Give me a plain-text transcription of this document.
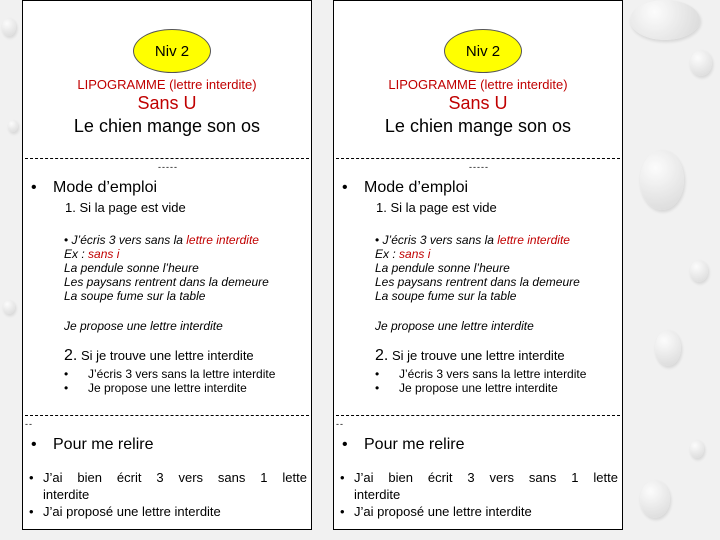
Niv 2
LIPOGRAMME (lettre interdite)
Sans U
Le chien mange son os
-----
• Mode d’emploi
1. Si la page est vide
• J’écris 3 vers sans la lettre interdite
Ex : sans i
La pendule sonne l’heure
Les paysans rentrent dans la demeure
La soupe fume sur la table
Je propose une lettre interdite
2. Si je trouve une lettre interdite
• J’écris 3 vers sans la lettre interdite
• Je propose une lettre interdite
--
• Pour me relire
• J’ai bien écrit 3 vers sans 1 lette
interdite
• J’ai proposé une lettre interdite
Niv 2
LIPOGRAMME (lettre interdite)
Sans U
Le chien mange son os
-----
• Mode d’emploi
1. Si la page est vide
• J’écris 3 vers sans la lettre interdite
Ex : sans i
La pendule sonne l’heure
Les paysans rentrent dans la demeure
La soupe fume sur la table
Je propose une lettre interdite
2. Si je trouve une lettre interdite
• J’écris 3 vers sans la lettre interdite
• Je propose une lettre interdite
--
• Pour me relire
• J’ai bien écrit 3 vers sans 1 lette
interdite
• J’ai proposé une lettre interdite
